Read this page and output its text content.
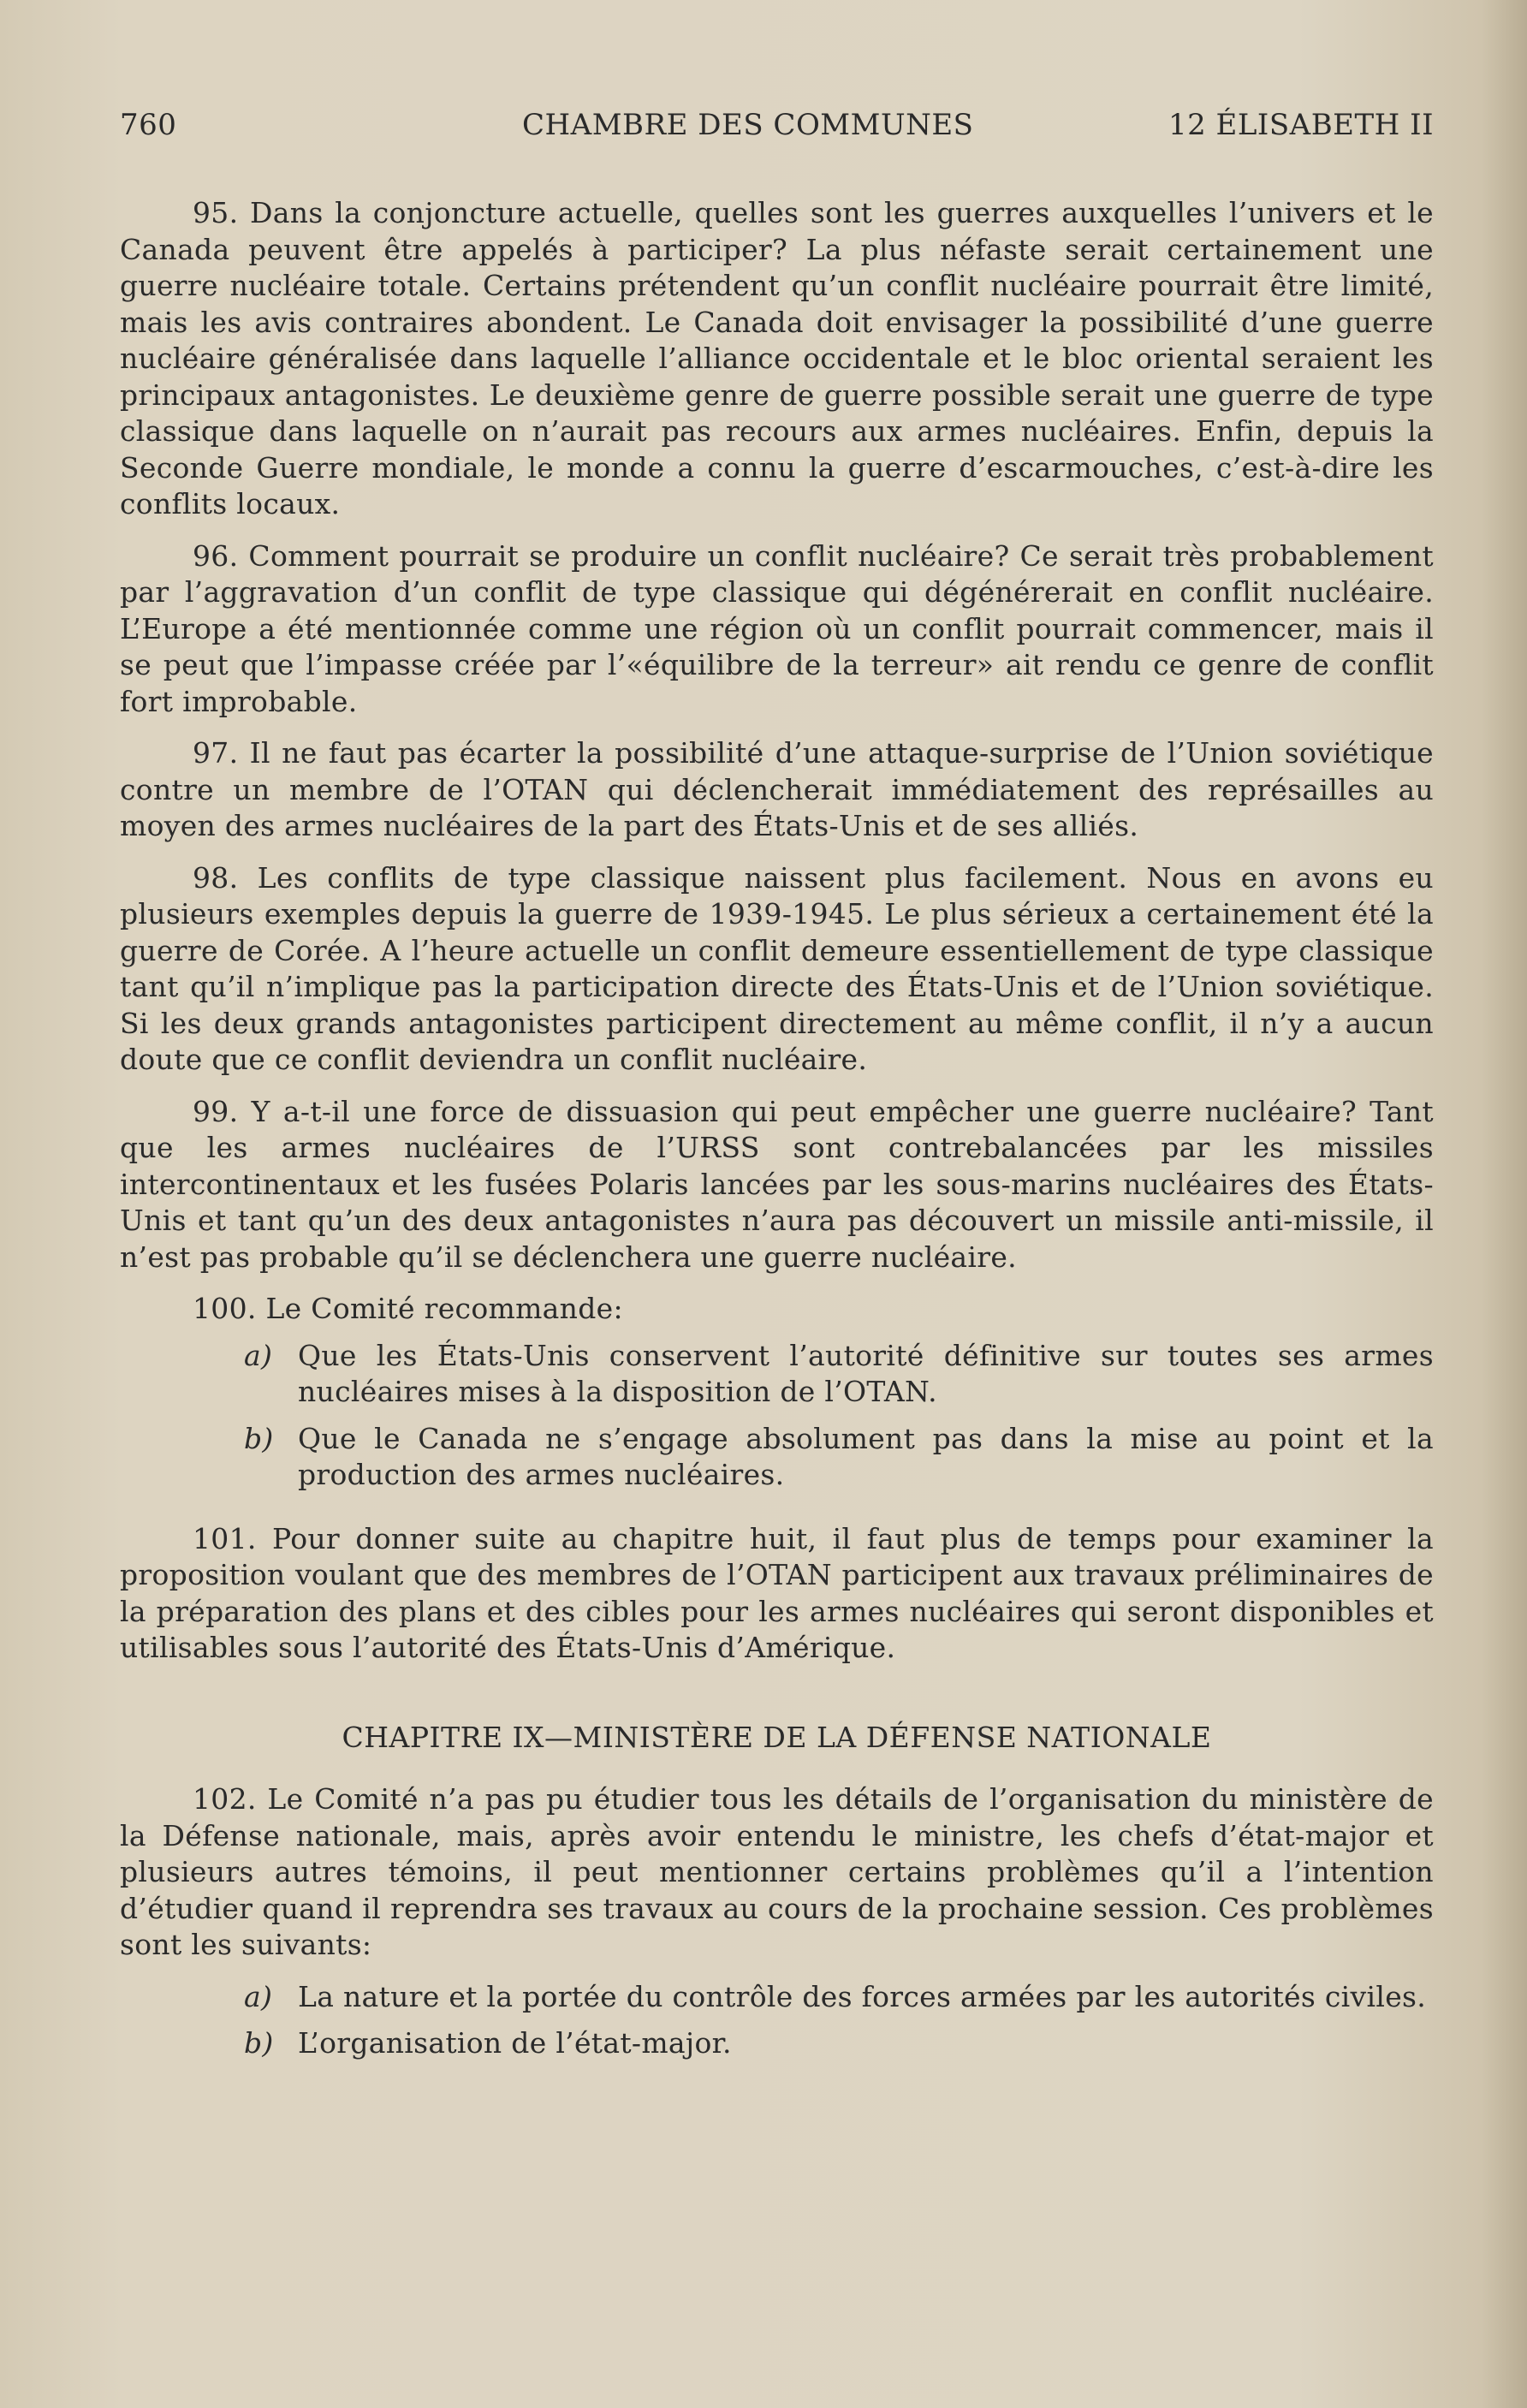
760	CHAMBRE DES COMMUNES	12 ÉLISABETH II

95. Dans la conjoncture actuelle, quelles sont les guerres auxquelles l’univers et le Canada peuvent être appelés à participer? La plus néfaste serait certainement une guerre nucléaire totale. Certains prétendent qu’un conflit nucléaire pourrait être limité, mais les avis contraires abondent. Le Canada doit envisager la possibilité d’une guerre nucléaire généralisée dans laquelle l’alliance occidentale et le bloc oriental seraient les principaux antagonistes. Le deuxième genre de guerre possible serait une guerre de type classique dans laquelle on n’aurait pas recours aux armes nucléaires. Enfin, depuis la Seconde Guerre mondiale, le monde a connu la guerre d’escarmouches, c’est-à-dire les conflits locaux.

96. Comment pourrait se produire un conflit nucléaire? Ce serait très probablement par l’aggravation d’un conflit de type classique qui dégénérerait en conflit nucléaire. L’Europe a été mentionnée comme une région où un conflit pourrait commencer, mais il se peut que l’impasse créée par l’«équilibre de la terreur» ait rendu ce genre de conflit fort improbable.

97. Il ne faut pas écarter la possibilité d’une attaque-surprise de l’Union soviétique contre un membre de l’OTAN qui déclencherait immédiatement des représailles au moyen des armes nucléaires de la part des États-Unis et de ses alliés.

98. Les conflits de type classique naissent plus facilement. Nous en avons eu plusieurs exemples depuis la guerre de 1939-1945. Le plus sérieux a certainement été la guerre de Corée. A l’heure actuelle un conflit demeure essentiellement de type classique tant qu’il n’implique pas la participation directe des États-Unis et de l’Union soviétique. Si les deux grands antagonistes participent directement au même conflit, il n’y a aucun doute que ce conflit deviendra un conflit nucléaire.

99. Y a-t-il une force de dissuasion qui peut empêcher une guerre nucléaire? Tant que les armes nucléaires de l’URSS sont contrebalancées par les missiles intercontinentaux et les fusées Polaris lancées par les sous-marins nucléaires des États-Unis et tant qu’un des deux antagonistes n’aura pas découvert un missile anti-missile, il n’est pas probable qu’il se déclenchera une guerre nucléaire.

100. Le Comité recommande:

a) Que les États-Unis conservent l’autorité définitive sur toutes ses armes nucléaires mises à la disposition de l’OTAN.
b) Que le Canada ne s’engage absolument pas dans la mise au point et la production des armes nucléaires.

101. Pour donner suite au chapitre huit, il faut plus de temps pour examiner la proposition voulant que des membres de l’OTAN participent aux travaux préliminaires de la préparation des plans et des cibles pour les armes nucléaires qui seront disponibles et utilisables sous l’autorité des États-Unis d’Amérique.

CHAPITRE IX—MINISTÈRE DE LA DÉFENSE NATIONALE

102. Le Comité n’a pas pu étudier tous les détails de l’organisation du ministère de la Défense nationale, mais, après avoir entendu le ministre, les chefs d’état-major et plusieurs autres témoins, il peut mentionner certains problèmes qu’il a l’intention d’étudier quand il reprendra ses travaux au cours de la prochaine session. Ces problèmes sont les suivants:

a) La nature et la portée du contrôle des forces armées par les autorités civiles.
b) L’organisation de l’état-major.
